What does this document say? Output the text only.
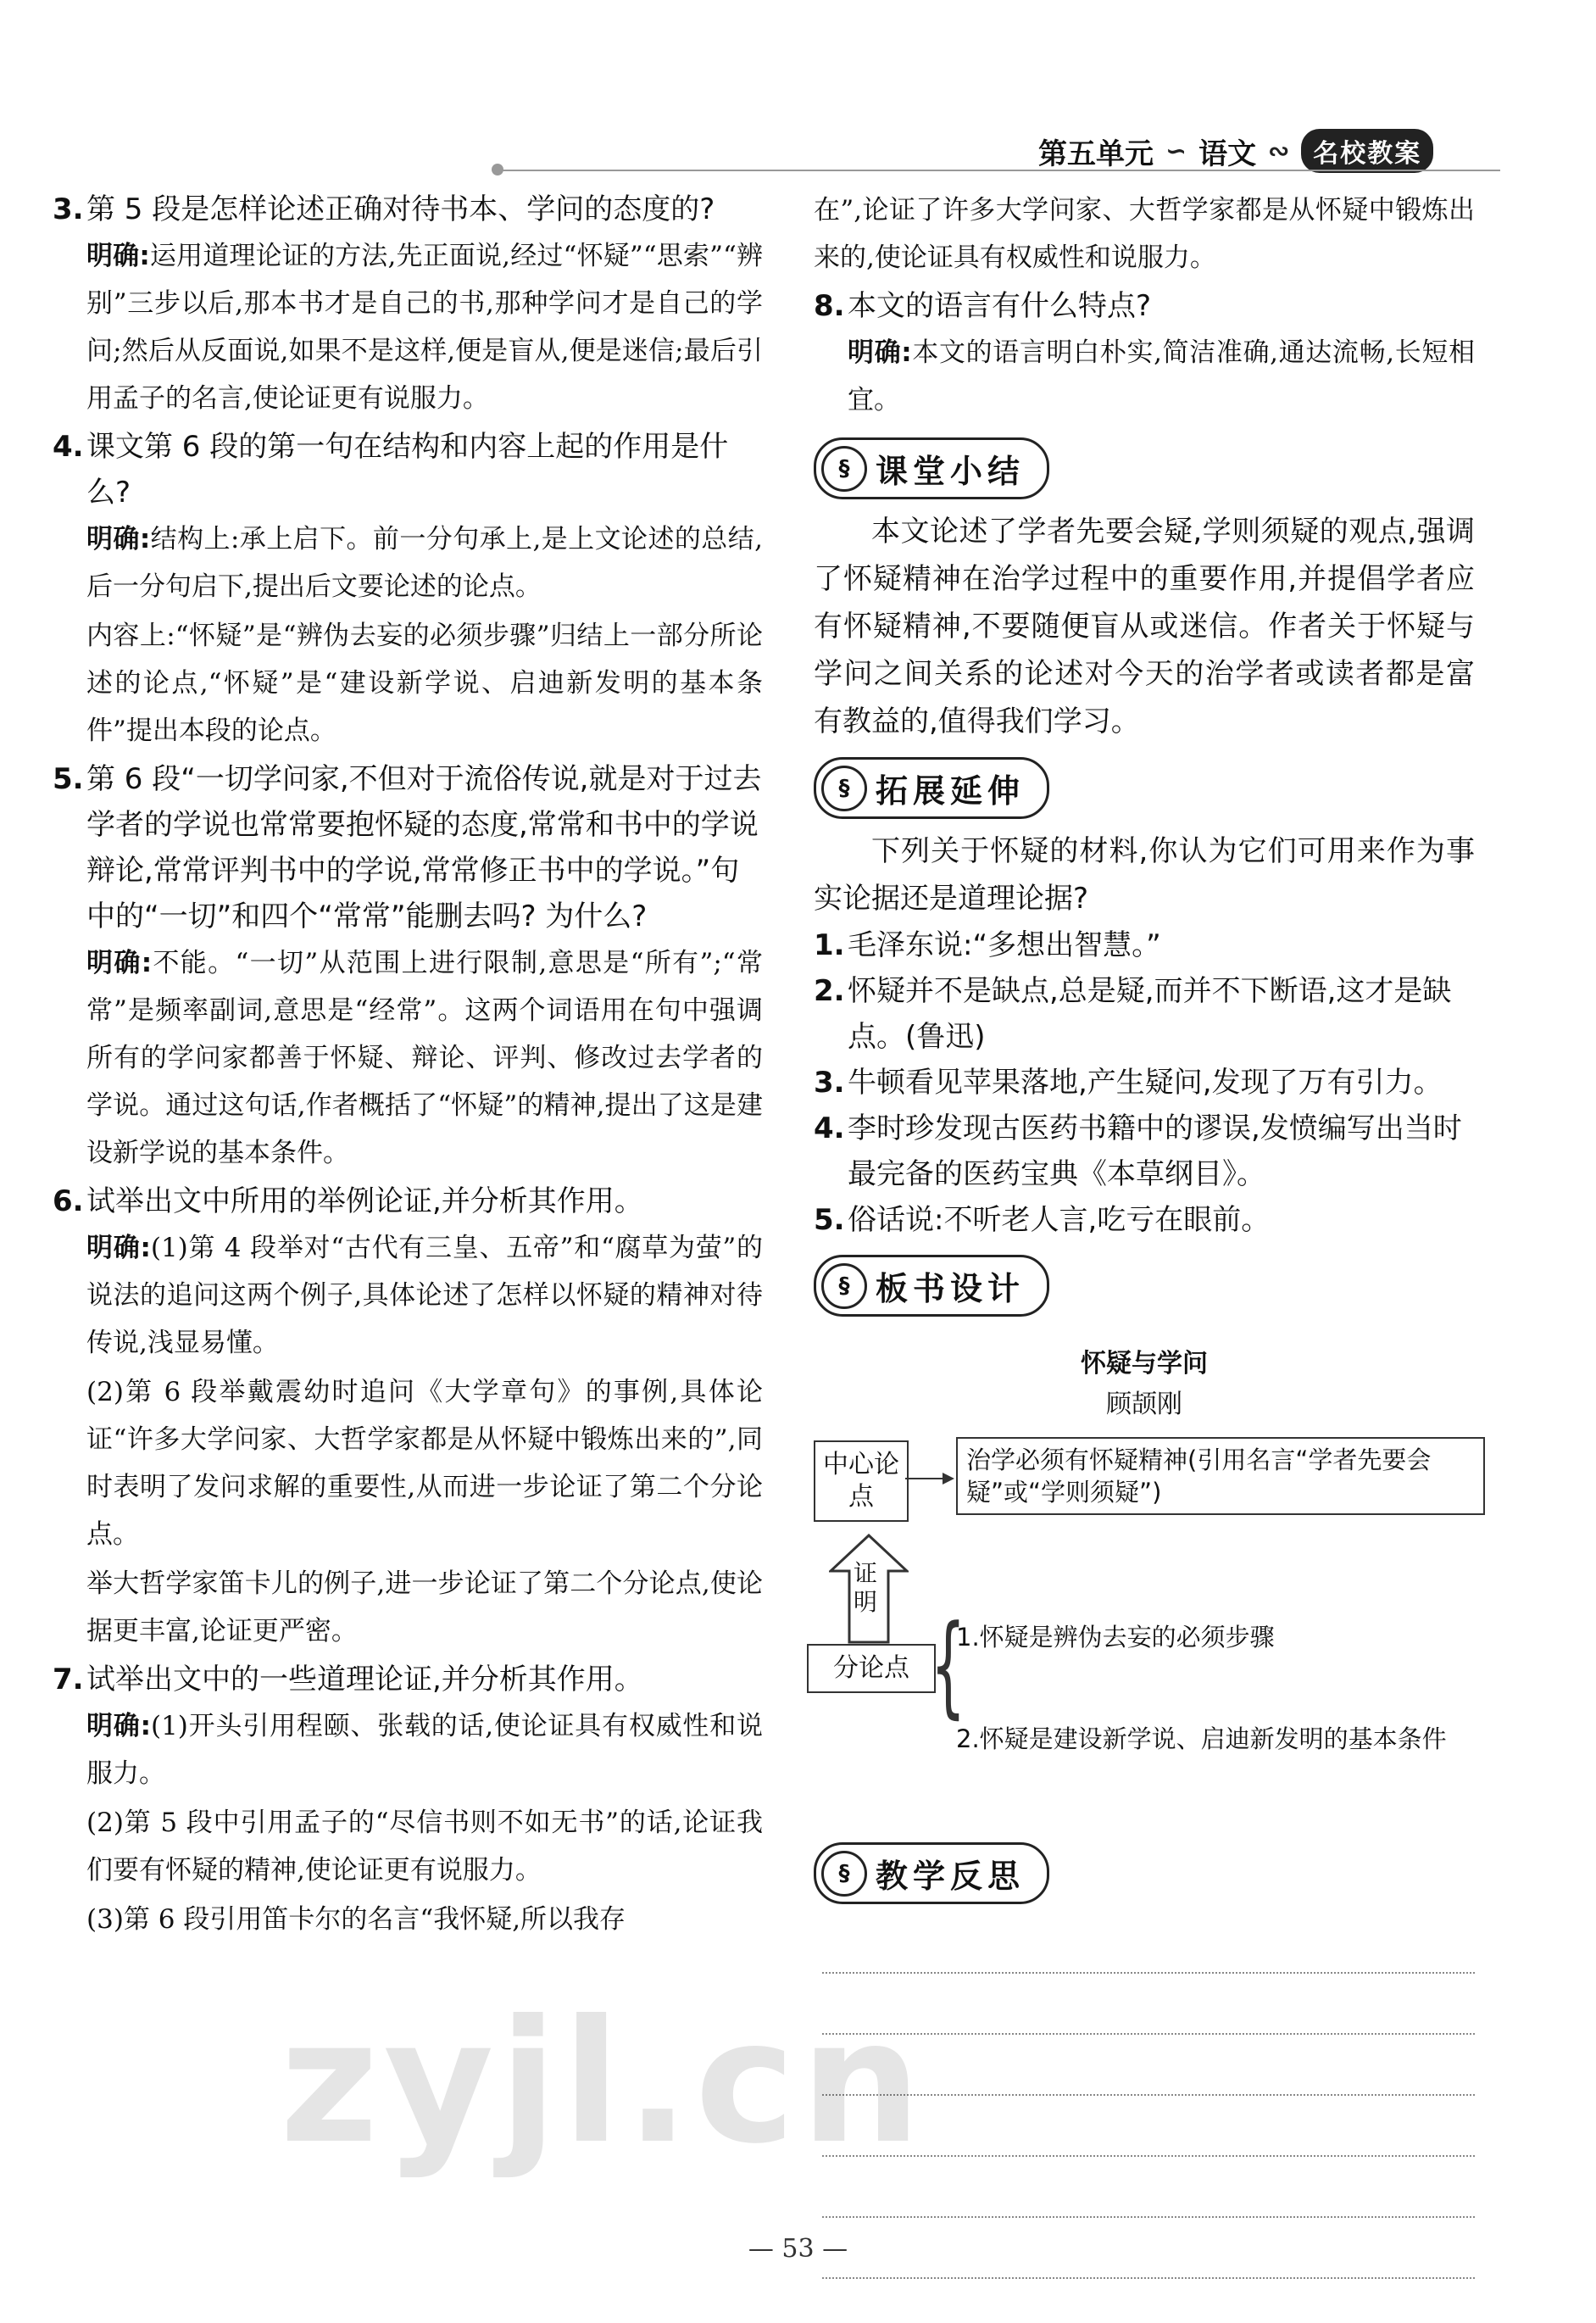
第五单元 ∽ 语文 ∾ 名校教案

3. 第 5 段是怎样论述正确对待书本、学问的态度的?

明确:运用道理论证的方法,先正面说,经过“怀疑”“思索”“辨别”三步以后,那本书才是自己的书,那种学问才是自己的学问;然后从反面说,如果不是这样,便是盲从,便是迷信;最后引用孟子的名言,使论证更有说服力。

4. 课文第 6 段的第一句在结构和内容上起的作用是什么?

明确:结构上:承上启下。前一分句承上,是上文论述的总结,后一分句启下,提出后文要论述的论点。

内容上:“怀疑”是“辨伪去妄的必须步骤”归结上一部分所论述的论点,“怀疑”是“建设新学说、启迪新发明的基本条件”提出本段的论点。

5. 第 6 段“一切学问家,不但对于流俗传说,就是对于过去学者的学说也常常要抱怀疑的态度,常常和书中的学说辩论,常常评判书中的学说,常常修正书中的学说。”句中的“一切”和四个“常常”能删去吗? 为什么?

明确:不能。“一切”从范围上进行限制,意思是“所有”;“常常”是频率副词,意思是“经常”。这两个词语用在句中强调所有的学问家都善于怀疑、辩论、评判、修改过去学者的学说。通过这句话,作者概括了“怀疑”的精神,提出了这是建设新学说的基本条件。

6. 试举出文中所用的举例论证,并分析其作用。

明确:(1)第 4 段举对“古代有三皇、五帝”和“腐草为萤”的说法的追问这两个例子,具体论述了怎样以怀疑的精神对待传说,浅显易懂。

(2)第 6 段举戴震幼时追问《大学章句》的事例,具体论证“许多大学问家、大哲学家都是从怀疑中锻炼出来的”,同时表明了发问求解的重要性,从而进一步论证了第二个分论点。

举大哲学家笛卡儿的例子,进一步论证了第二个分论点,使论据更丰富,论证更严密。

7. 试举出文中的一些道理论证,并分析其作用。

明确:(1)开头引用程颐、张载的话,使论证具有权威性和说服力。

(2)第 5 段中引用孟子的“尽信书则不如无书”的话,论证我们要有怀疑的精神,使论证更有说服力。

(3)第 6 段引用笛卡尔的名言“我怀疑,所以我存

在”,论证了许多大学问家、大哲学家都是从怀疑中锻炼出来的,使论证具有权威性和说服力。

8. 本文的语言有什么特点?

明确:本文的语言明白朴实,简洁准确,通达流畅,长短相宜。

§ 课堂小结

本文论述了学者先要会疑,学则须疑的观点,强调了怀疑精神在治学过程中的重要作用,并提倡学者应有怀疑精神,不要随便盲从或迷信。作者关于怀疑与学问之间关系的论述对今天的治学者或读者都是富有教益的,值得我们学习。

§ 拓展延伸

下列关于怀疑的材料,你认为它们可用来作为事实论据还是道理论据?

1. 毛泽东说:“多想出智慧。”

2. 怀疑并不是缺点,总是疑,而并不下断语,这才是缺点。(鲁迅)

3. 牛顿看见苹果落地,产生疑问,发现了万有引力。

4. 李时珍发现古医药书籍中的谬误,发愤编写出当时最完备的医药宝典《本草纲目》。

5. 俗话说:不听老人言,吃亏在眼前。

§ 板书设计

怀疑与学问

顾颉刚

中心论点
治学必须有怀疑精神(引用名言“学者先要会疑”或“学则须疑”)
证明
分论点 {
1.怀疑是辨伪去妄的必须步骤
2.怀疑是建设新学说、启迪新发明的基本条件
§ 教学反思
zyjl.cn
— 53 —
